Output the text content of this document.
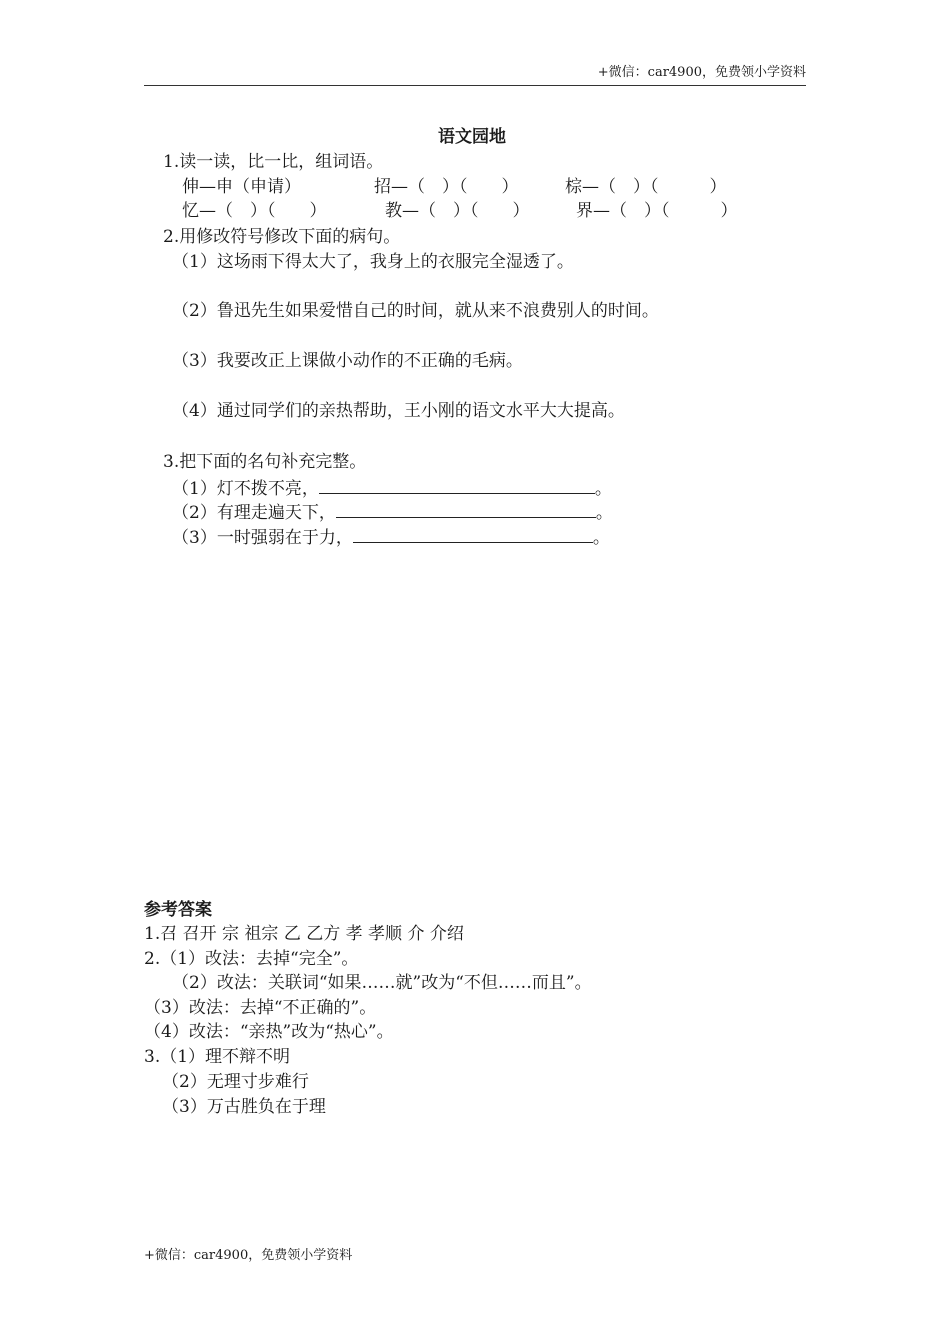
+微信：car4900，免费领小学资料
语文园地
1.读一读，比一比，组词语。
伸—申（申请）	招—（　）（　　）	棕—（　）（　　　）
忆—（　）（　　）	教—（　）（　　）	界—（　）（　　　）
2.用修改符号修改下面的病句。
（1）这场雨下得太大了，我身上的衣服完全湿透了。
（2）鲁迅先生如果爱惜自己的时间，就从来不浪费别人的时间。
（3）我要改正上课做小动作的不正确的毛病。
（4）通过同学们的亲热帮助，王小刚的语文水平大大提高。
3.把下面的名句补充完整。
（1）灯不拨不亮，	。
（2）有理走遍天下，	。
（3）一时强弱在于力，	。
参考答案
1.召 召开 宗 祖宗 乙 乙方 孝 孝顺 介 介绍
2.（1）改法：去掉“完全”。
（2）改法：关联词“如果……就”改为“不但……而且”。
（3）改法：去掉“不正确的”。
（4）改法：“亲热”改为“热心”。
3.（1）理不辩不明
（2）无理寸步难行
（3）万古胜负在于理
+微信：car4900，免费领小学资料
